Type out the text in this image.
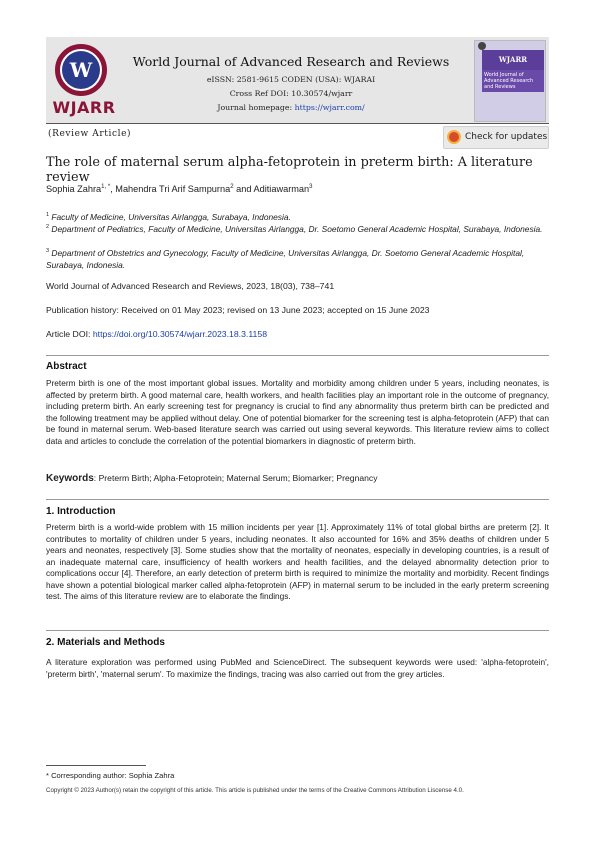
W
WJARR
World Journal of Advanced Research and Reviews
eISSN: 2581-9615 CODEN (USA): WJARAI
Cross Ref DOI: 10.30574/wjarr
Journal homepage: https://wjarr.com/
WJARR
World Journal of Advanced Research and Reviews
(Review Article)	Check for updates
The role of maternal serum alpha-fetoprotein in preterm birth: A literature review
Sophia Zahra$^{1, *}$, Mahendra Tri Arif Sampurna$^2$ and Aditiawarman$^3$
$^1$ Faculty of Medicine, Universitas Airlangga, Surabaya, Indonesia.
$^2$ Department of Pediatrics, Faculty of Medicine, Universitas Airlangga, Dr. Soetomo General Academic Hospital, Surabaya, Indonesia.
$^3$ Department of Obstetrics and Gynecology, Faculty of Medicine, Universitas Airlangga, Dr. Soetomo General Academic Hospital, Surabaya, Indonesia.
World Journal of Advanced Research and Reviews, 2023, 18(03), 738–741
Publication history: Received on 01 May 2023; revised on 13 June 2023; accepted on 15 June 2023
Article DOI: https://doi.org/10.30574/wjarr.2023.18.3.1158
Abstract
Preterm birth is one of the most important global issues. Mortality and morbidity among children under 5 years, including neonates, is affected by preterm birth. A good maternal care, health workers, and health facilities play an important role in the outcome of pregnancy, including preterm birth. An early screening test for pregnancy is crucial to find any abnormality thus preterm birth can be predicted and the following treatment may be applied without delay. One of potential biomarker for the screening test is alpha-fetoprotein (AFP) that can be found in maternal serum. Web-based literature search was carried out using several keywords. This literature review aims to collect data and articles to conclude the correlation of the potential biomarkers in diagnostic of preterm birth.
Keywords: Preterm Birth; Alpha-Fetoprotein; Maternal Serum; Biomarker; Pregnancy
1. Introduction
Preterm birth is a world-wide problem with 15 million incidents per year [1]. Approximately 11% of total global births are preterm [2]. It contributes to mortality of children under 5 years, including neonates. It also accounted for 16% and 35% deaths of children under 5 years and neonates, respectively [3]. Some studies show that the mortality of neonates, especially in developing countries, is a result of an inadequate maternal care, insufficiency of health workers and health facilities, and the delayed abnormality detection prior to complications occur [4]. Therefore, an early detection of preterm birth is required to minimize the mortality and morbidity. Recent findings have shown a potential biological marker called alpha-fetoprotein (AFP) in maternal serum to be included in the early preterm screening test. The aims of this literature review are to elaborate the findings.
2. Materials and Methods
A literature exploration was performed using PubMed and ScienceDirect. The subsequent keywords were used: 'alpha-fetoprotein', 'preterm birth', 'maternal serum'. To maximize the findings, tracing was also carried out from the grey articles.
* Corresponding author: Sophia Zahra
Copyright © 2023 Author(s) retain the copyright of this article. This article is published under the terms of the Creative Commons Attribution Liscense 4.0.
